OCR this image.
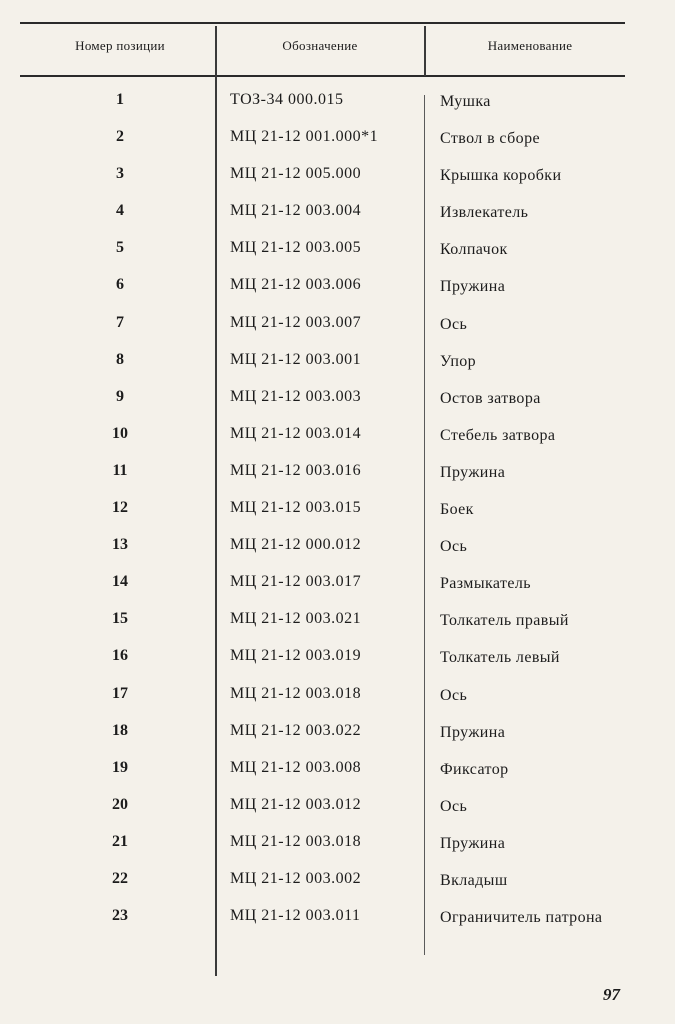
Номер позиции	Обозначение	Наименование
1	ТОЗ-34 000.015	Мушка
2	МЦ 21-12 001.000*1	Ствол в сборе
3	МЦ 21-12 005.000	Крышка коробки
4	МЦ 21-12 003.004	Извлекатель
5	МЦ 21-12 003.005	Колпачок
6	МЦ 21-12 003.006	Пружина
7	МЦ 21-12 003.007	Ось
8	МЦ 21-12 003.001	Упор
9	МЦ 21-12 003.003	Остов затвора
10	МЦ 21-12 003.014	Стебель затвора
11	МЦ 21-12 003.016	Пружина
12	МЦ 21-12 003.015	Боек
13	МЦ 21-12 000.012	Ось
14	МЦ 21-12 003.017	Размыкатель
15	МЦ 21-12 003.021	Толкатель правый
16	МЦ 21-12 003.019	Толкатель левый
17	МЦ 21-12 003.018	Ось
18	МЦ 21-12 003.022	Пружина
19	МЦ 21-12 003.008	Фиксатор
20	МЦ 21-12 003.012	Ось
21	МЦ 21-12 003.018	Пружина
22	МЦ 21-12 003.002	Вкладыш
23	МЦ 21-12 003.011	Ограничитель патрона
97
